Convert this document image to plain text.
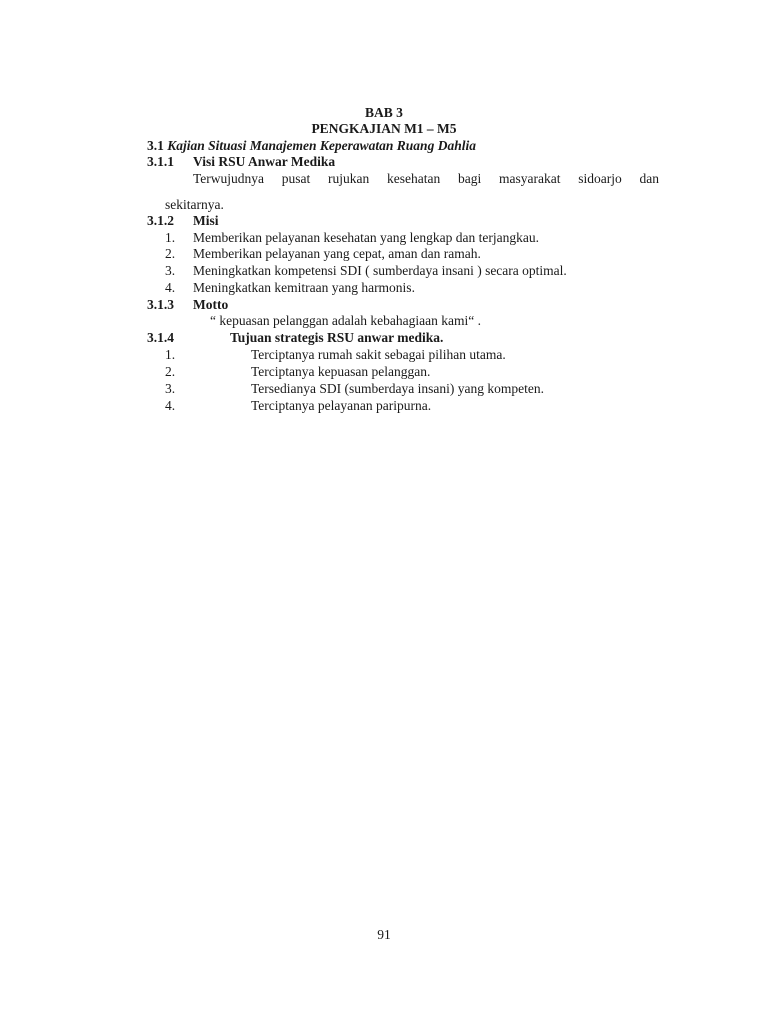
BAB 3
PENGKAJIAN M1 – M5
3.1 Kajian Situasi Manajemen Keperawatan Ruang Dahlia
3.1.1 Visi RSU Anwar Medika
Terwujudnya pusat rujukan kesehatan bagi masyarakat sidoarjo dan
sekitarnya.
3.1.2 Misi
1. Memberikan pelayanan kesehatan yang lengkap dan terjangkau.
2. Memberikan pelayanan yang cepat, aman dan ramah.
3. Meningkatkan kompetensi SDI ( sumberdaya insani ) secara optimal.
4. Meningkatkan kemitraan yang harmonis.
3.1.3 Motto
“ kepuasan pelanggan adalah kebahagiaan kami“ .
3.1.4	Tujuan strategis RSU anwar medika.
1.	Terciptanya rumah sakit sebagai pilihan utama.
2.	Terciptanya kepuasan pelanggan.
3.	Tersedianya SDI (sumberdaya insani) yang kompeten.
4.	Terciptanya pelayanan paripurna.
91
